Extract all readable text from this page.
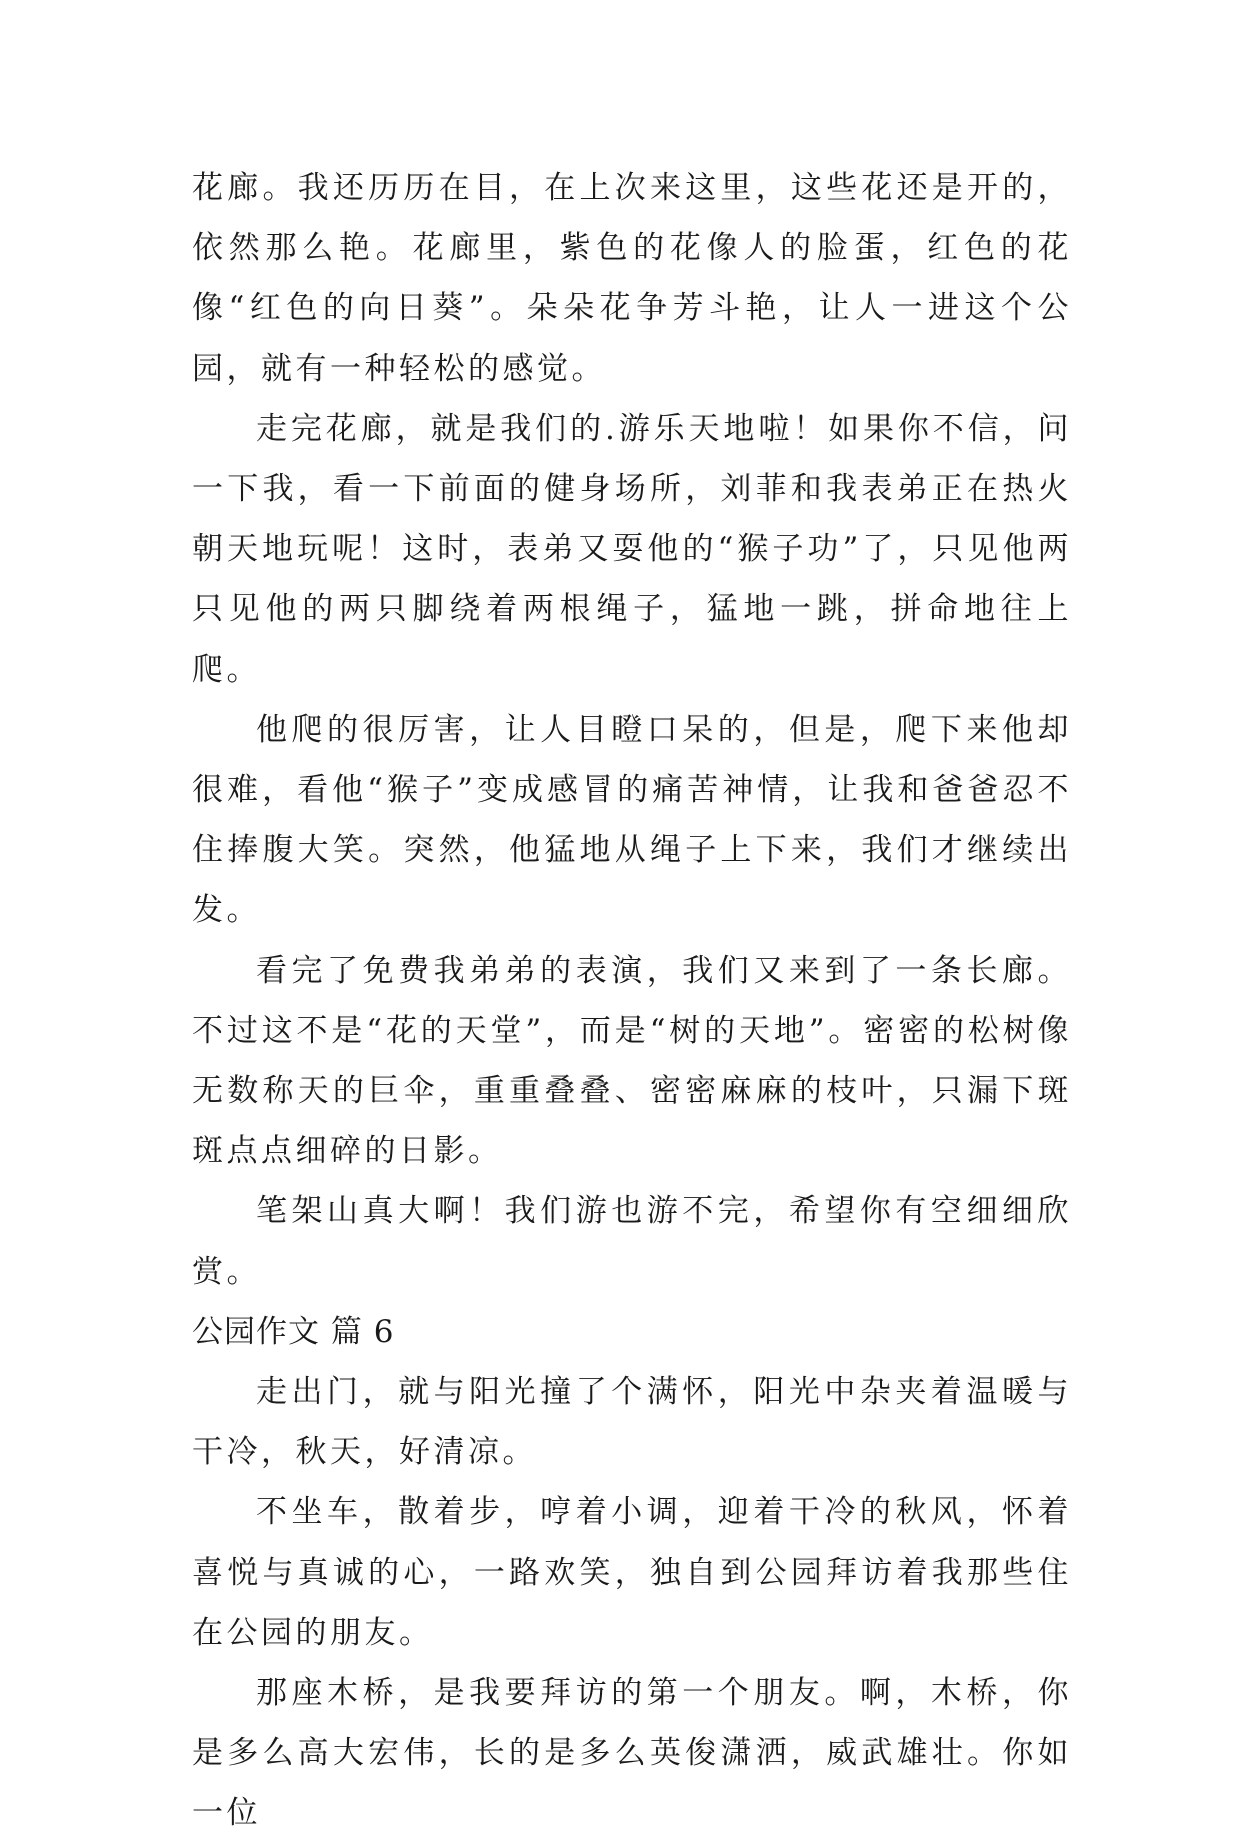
花廊。我还历历在目，在上次来这里，这些花还是开的，依然那么艳。花廊里，紫色的花像人的脸蛋，红色的花像“红色的向日葵”。朵朵花争芳斗艳，让人一进这个公园，就有一种轻松的感觉。

走完花廊，就是我们的.游乐天地啦！如果你不信，问一下我，看一下前面的健身场所，刘菲和我表弟正在热火朝天地玩呢！这时，表弟又耍他的“猴子功”了，只见他两只见他的两只脚绕着两根绳子，猛地一跳，拼命地往上爬。

他爬的很厉害，让人目瞪口呆的，但是，爬下来他却很难，看他“猴子”变成感冒的痛苦神情，让我和爸爸忍不住捧腹大笑。突然，他猛地从绳子上下来，我们才继续出发。

看完了免费我弟弟的表演，我们又来到了一条长廊。不过这不是“花的天堂”，而是“树的天地”。密密的松树像无数称天的巨伞，重重叠叠、密密麻麻的枝叶，只漏下斑斑点点细碎的日影。

笔架山真大啊！我们游也游不完，希望你有空细细欣赏。

公园作文 篇 6

走出门，就与阳光撞了个满怀，阳光中杂夹着温暖与干冷，秋天，好清凉。

不坐车，散着步，哼着小调，迎着干冷的秋风，怀着喜悦与真诚的心，一路欢笑，独自到公园拜访着我那些住在公园的朋友。

那座木桥，是我要拜访的第一个朋友。啊，木桥，你是多么高大宏伟，长的是多么英俊潇洒，威武雄壮。你如一位
